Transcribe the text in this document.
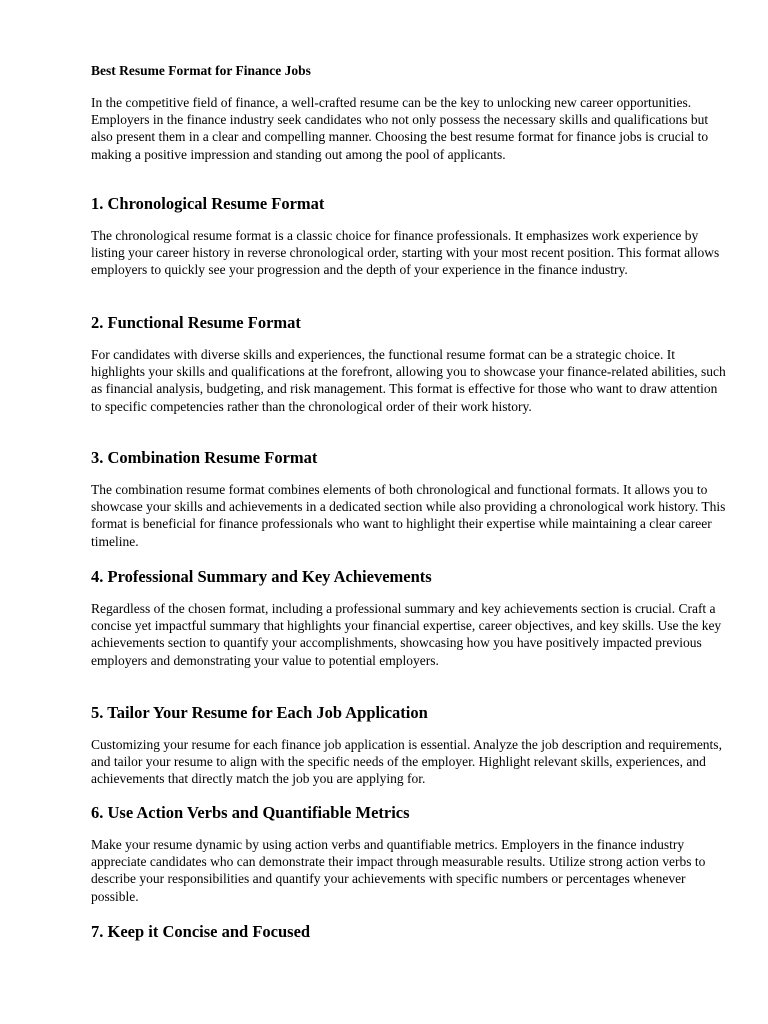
Best Resume Format for Finance Jobs

In the competitive field of finance, a well-crafted resume can be the key to unlocking new career opportunities. Employers in the finance industry seek candidates who not only possess the necessary skills and qualifications but also present them in a clear and compelling manner. Choosing the best resume format for finance jobs is crucial to making a positive impression and standing out among the pool of applicants.

1. Chronological Resume Format

The chronological resume format is a classic choice for finance professionals. It emphasizes work experience by listing your career history in reverse chronological order, starting with your most recent position. This format allows employers to quickly see your progression and the depth of your experience in the finance industry.

2. Functional Resume Format

For candidates with diverse skills and experiences, the functional resume format can be a strategic choice. It highlights your skills and qualifications at the forefront, allowing you to showcase your finance-related abilities, such as financial analysis, budgeting, and risk management. This format is effective for those who want to draw attention to specific competencies rather than the chronological order of their work history.

3. Combination Resume Format

The combination resume format combines elements of both chronological and functional formats. It allows you to showcase your skills and achievements in a dedicated section while also providing a chronological work history. This format is beneficial for finance professionals who want to highlight their expertise while maintaining a clear career timeline.

4. Professional Summary and Key Achievements

Regardless of the chosen format, including a professional summary and key achievements section is crucial. Craft a concise yet impactful summary that highlights your financial expertise, career objectives, and key skills. Use the key achievements section to quantify your accomplishments, showcasing how you have positively impacted previous employers and demonstrating your value to potential employers.

5. Tailor Your Resume for Each Job Application

Customizing your resume for each finance job application is essential. Analyze the job description and requirements, and tailor your resume to align with the specific needs of the employer. Highlight relevant skills, experiences, and achievements that directly match the job you are applying for.

6. Use Action Verbs and Quantifiable Metrics

Make your resume dynamic by using action verbs and quantifiable metrics. Employers in the finance industry appreciate candidates who can demonstrate their impact through measurable results. Utilize strong action verbs to describe your responsibilities and quantify your achievements with specific numbers or percentages whenever possible.

7. Keep it Concise and Focused
